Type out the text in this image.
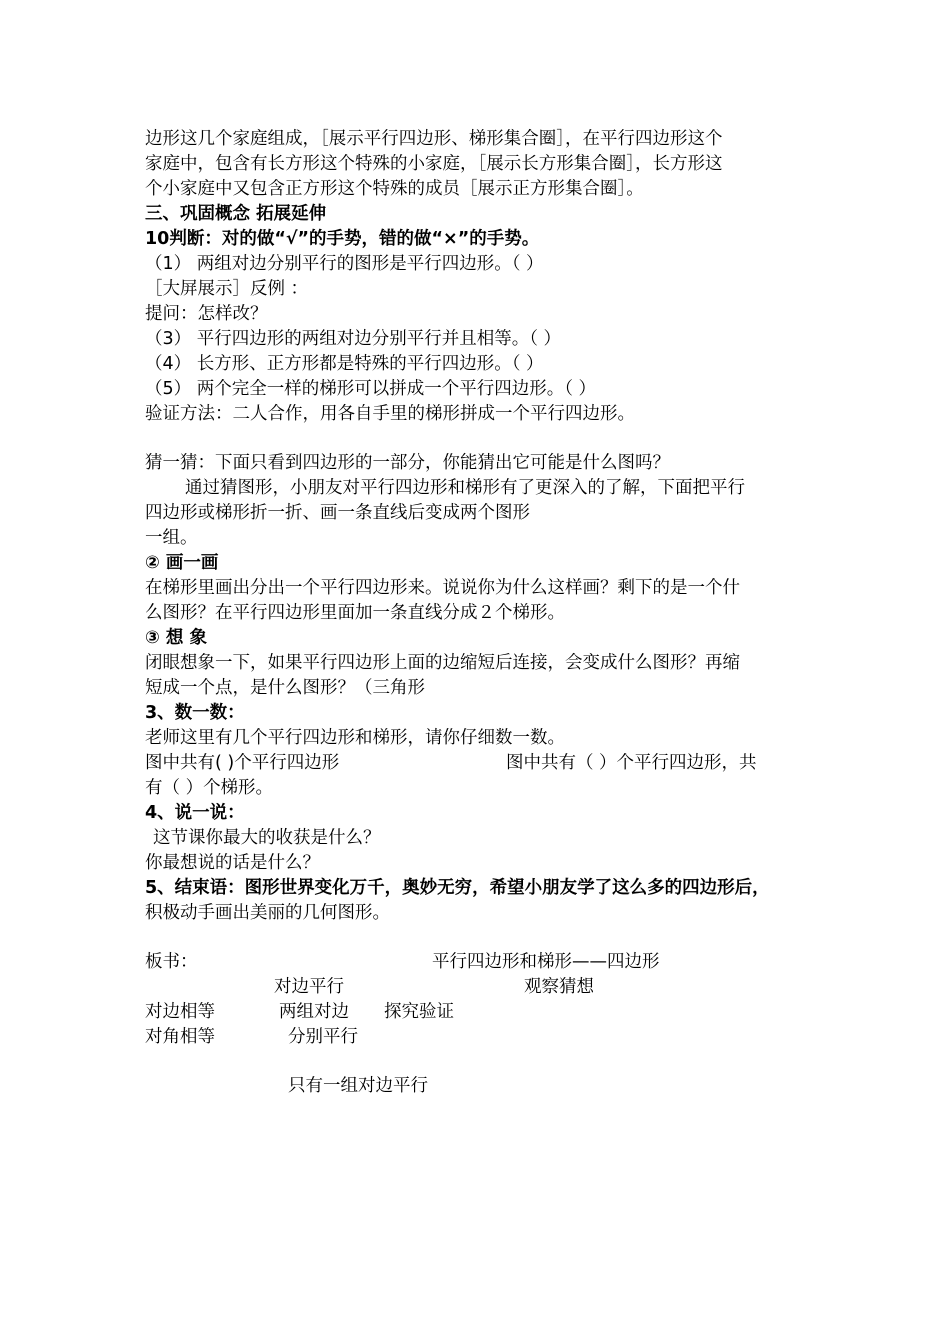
边形这几个家庭组成，［展示平行四边形、梯形集合圈］，在平行四边形这个
家庭中，包含有长方形这个特殊的小家庭，［展示长方形集合圈］，长方形这
个小家庭中又包含正方形这个特殊的成员［展示正方形集合圈］。
三、巩固概念 拓展延伸
10判断：对的做“√”的手势，错的做“×”的手势。
（1） 两组对边分别平行的图形是平行四边形。（ ）
［大屏展示］反例 ：
提问：怎样改？
（3） 平行四边形的两组对边分别平行并且相等。（ ）
（4） 长方形、正方形都是特殊的平行四边形。（ ）
（5） 两个完全一样的梯形可以拼成一个平行四边形。（ ）
验证方法：二人合作，用各自手里的梯形拼成一个平行四边形。
猜一猜：下面只看到四边形的一部分，你能猜出它可能是什么图吗？
通过猜图形，小朋友对平行四边形和梯形有了更深入的了解，下面把平行
四边形或梯形折一折、画一条直线后变成两个图形
一组。
② 画一画
在梯形里画出分出一个平行四边形来。说说你为什么这样画？剩下的是一个什
么图形？在平行四边形里面加一条直线分成２个梯形。
③ 想 象
闭眼想象一下，如果平行四边形上面的边缩短后连接，会变成什么图形？再缩
短成一个点，是什么图形？（三角形
3、数一数：
老师这里有几个平行四边形和梯形，请你仔细数一数。
图中共有( )个平行四边形	图中共有（ ）个平行四边形，共
有（ ）个梯形。
4、说一说：
这节课你最大的收获是什么？
你最想说的话是什么？
5、结束语：图形世界变化万千，奥妙无穷，希望小朋友学了这么多的四边形后，
积极动手画出美丽的几何图形。
板书：	平行四边形和梯形——四边形
对边平行	观察猜想
对边相等	两组对边 探究验证
对角相等	分别平行
只有一组对边平行
